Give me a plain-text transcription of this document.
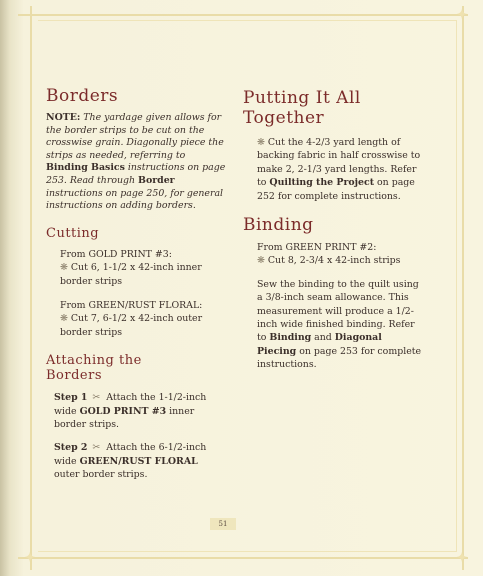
✦
✦
✦
Borders
NOTE: The yardage given allows for the border strips to be cut on the crosswise grain. Diagonally piece the strips as needed, referring to Binding Basics instructions on page 253. Read through Border instructions on page 250, for general instructions on adding borders.
Cutting
From GOLD PRINT #3:
❋ Cut 6, 1-1/2 x 42-inch inner border strips
From GREEN/RUST FLORAL:
❋ Cut 7, 6-1/2 x 42-inch outer border strips
Attaching the
Borders
Step 1 ✂ Attach the 1-1/2-inch wide GOLD PRINT #3 inner border strips.
Step 2 ✂ Attach the 6-1/2-inch wide GREEN/RUST FLORAL outer border strips.
Putting It All
Together
❋ Cut the 4-2/3 yard length of backing fabric in half crosswise to make 2, 2-1/3 yard lengths. Refer to Quilting the Project on page 252 for complete instructions.
Binding
From GREEN PRINT #2:
❋ Cut 8, 2-3/4 x 42-inch strips
Sew the binding to the quilt using a 3/8-inch seam allowance. This measurement will produce a 1/2-inch wide finished binding. Refer to Binding and Diagonal Piecing on page 253 for complete instructions.
51
